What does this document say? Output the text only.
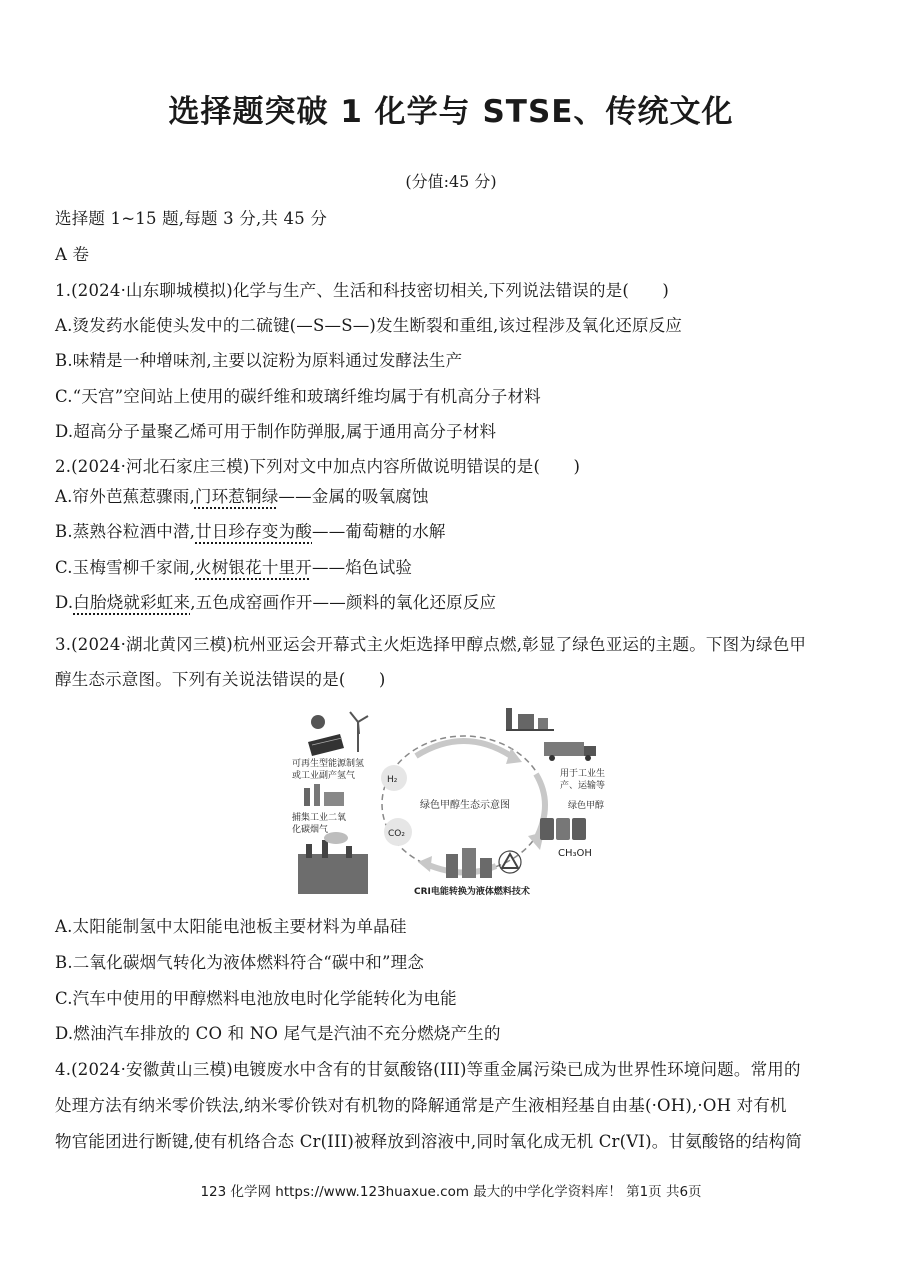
选择题突破 1 化学与 STSE、传统文化
(分值:45 分)
选择题 1~15 题,每题 3 分,共 45 分
A 卷
1.(2024·山东聊城模拟)化学与生产、生活和科技密切相关,下列说法错误的是(　　)
A.烫发药水能使头发中的二硫键(—S—S—)发生断裂和重组,该过程涉及氧化还原反应
B.味精是一种增味剂,主要以淀粉为原料通过发酵法生产
C.“天宫”空间站上使用的碳纤维和玻璃纤维均属于有机高分子材料
D.超高分子量聚乙烯可用于制作防弹服,属于通用高分子材料
2.(2024·河北石家庄三模)下列对文中加点内容所做说明错误的是(　　)
A.帘外芭蕉惹骤雨,门环惹铜绿——金属的吸氧腐蚀
B.蒸熟谷粒酒中潜,廿日珍存变为酸——葡萄糖的水解
C.玉梅雪柳千家闹,火树银花十里开——焰色试验
D.白胎烧就彩虹来,五色成窑画作开——颜料的氧化还原反应
3.(2024·湖北黄冈三模)杭州亚运会开幕式主火炬选择甲醇点燃,彰显了绿色亚运的主题。下图为绿色甲
醇生态示意图。下列有关说法错误的是(　　)
可再生型能源制氢
或工业副产氢气	H₂
捕集工业二氧
化碳烟气	CO₂
绿色甲醇生态示意图
用于工业生
产、运输等
绿色甲醇
CH₃OH
CRI电能转换为液体燃料技术
A.太阳能制氢中太阳能电池板主要材料为单晶硅
B.二氧化碳烟气转化为液体燃料符合“碳中和”理念
C.汽车中使用的甲醇燃料电池放电时化学能转化为电能
D.燃油汽车排放的 CO 和 NO 尾气是汽油不充分燃烧产生的
4.(2024·安徽黄山三模)电镀废水中含有的甘氨酸铬(III)等重金属污染已成为世界性环境问题。常用的
处理方法有纳米零价铁法,纳米零价铁对有机物的降解通常是产生液相羟基自由基(·OH),·OH 对有机
物官能团进行断键,使有机络合态 Cr(III)被释放到溶液中,同时氧化成无机 Cr(VI)。甘氨酸铬的结构简
123 化学网 https://www.123huaxue.com 最大的中学化学资料库！ 第1页 共6页
